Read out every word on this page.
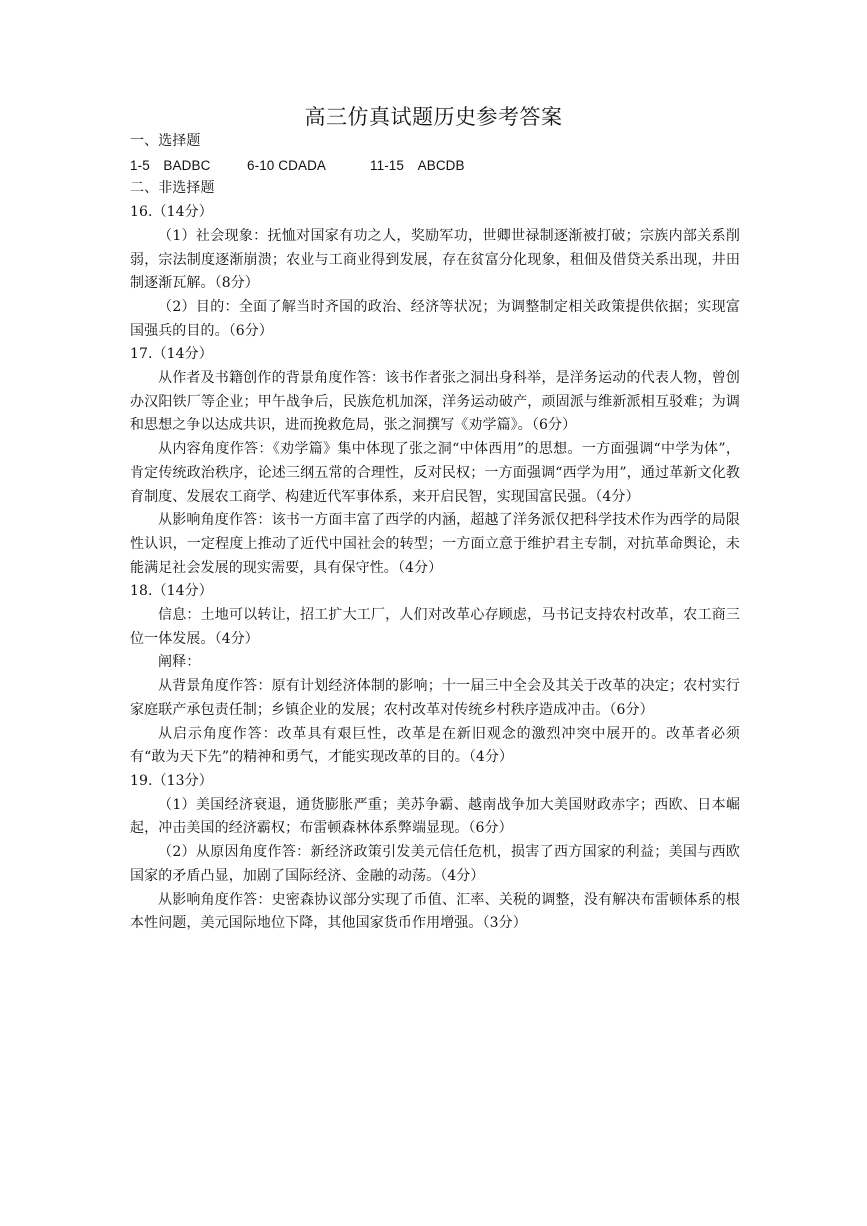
高三仿真试题历史参考答案
一、选择题
1-5　BADBC	6-10 CDADA	11-15　ABCDB
二、非选择题
16.（14分）

（1）社会现象：抚恤对国家有功之人，奖励军功，世卿世禄制逐渐被打破；宗族内部关系削弱，宗法制度逐渐崩溃；农业与工商业得到发展，存在贫富分化现象，租佃及借贷关系出现，井田制逐渐瓦解。（8分）

（2）目的：全面了解当时齐国的政治、经济等状况；为调整制定相关政策提供依据；实现富国强兵的目的。（6分）

17.（14分）

从作者及书籍创作的背景角度作答：该书作者张之洞出身科举，是洋务运动的代表人物，曾创办汉阳铁厂等企业；甲午战争后，民族危机加深，洋务运动破产，顽固派与维新派相互驳难；为调和思想之争以达成共识，进而挽救危局，张之洞撰写《劝学篇》。（6分）

从内容角度作答：《劝学篇》集中体现了张之洞“中体西用”的思想。一方面强调“中学为体”，肯定传统政治秩序，论述三纲五常的合理性，反对民权；一方面强调“西学为用”，通过革新文化教育制度、发展农工商学、构建近代军事体系，来开启民智，实现国富民强。（4分）

从影响角度作答：该书一方面丰富了西学的内涵，超越了洋务派仅把科学技术作为西学的局限性认识，一定程度上推动了近代中国社会的转型；一方面立意于维护君主专制，对抗革命舆论，未能满足社会发展的现实需要，具有保守性。（4分）

18.（14分）

信息：土地可以转让，招工扩大工厂，人们对改革心存顾虑，马书记支持农村改革，农工商三位一体发展。（4分）

阐释：

从背景角度作答：原有计划经济体制的影响；十一届三中全会及其关于改革的决定；农村实行家庭联产承包责任制；乡镇企业的发展；农村改革对传统乡村秩序造成冲击。（6分）

从启示角度作答：改革具有艰巨性，改革是在新旧观念的激烈冲突中展开的。改革者必须有“敢为天下先”的精神和勇气，才能实现改革的目的。（4分）

19.（13分）

（1）美国经济衰退，通货膨胀严重；美苏争霸、越南战争加大美国财政赤字；西欧、日本崛起，冲击美国的经济霸权；布雷顿森林体系弊端显现。（6分）

（2）从原因角度作答：新经济政策引发美元信任危机，损害了西方国家的利益；美国与西欧国家的矛盾凸显，加剧了国际经济、金融的动荡。（4分）

从影响角度作答：史密森协议部分实现了币值、汇率、关税的调整，没有解决布雷顿体系的根本性问题，美元国际地位下降，其他国家货币作用增强。（3分）
